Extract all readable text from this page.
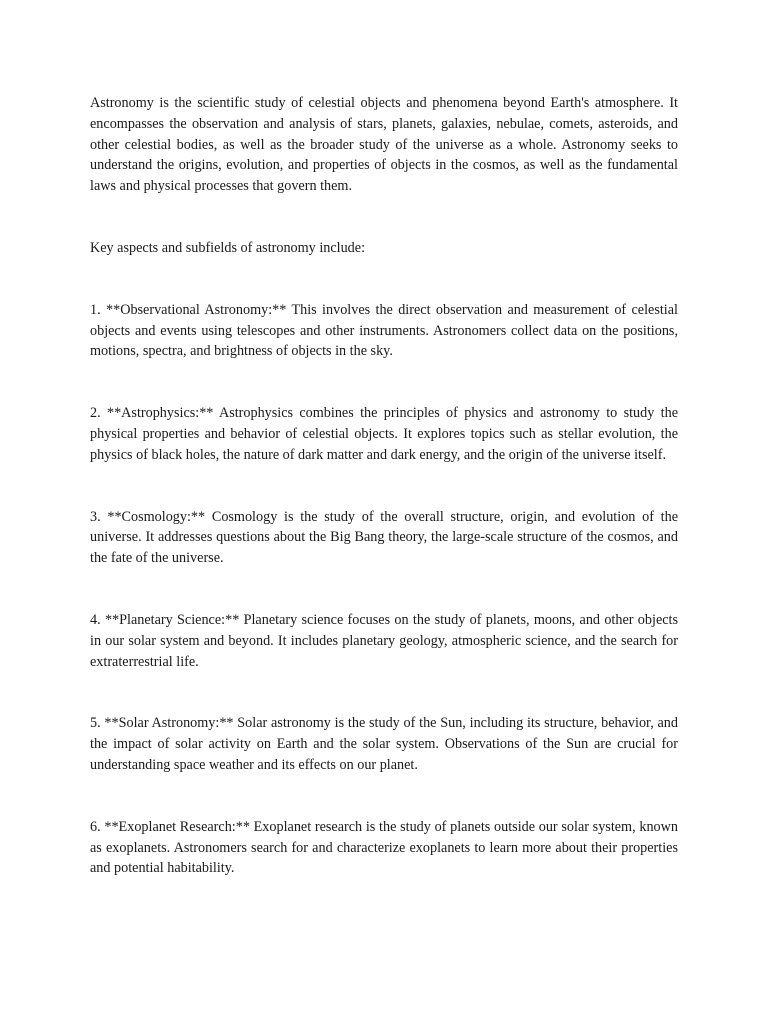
Astronomy is the scientific study of celestial objects and phenomena beyond Earth's atmosphere. It encompasses the observation and analysis of stars, planets, galaxies, nebulae, comets, asteroids, and other celestial bodies, as well as the broader study of the universe as a whole. Astronomy seeks to understand the origins, evolution, and properties of objects in the cosmos, as well as the fundamental laws and physical processes that govern them.

Key aspects and subfields of astronomy include:

1. **Observational Astronomy:** This involves the direct observation and measurement of celestial objects and events using telescopes and other instruments. Astronomers collect data on the positions, motions, spectra, and brightness of objects in the sky.

2. **Astrophysics:** Astrophysics combines the principles of physics and astronomy to study the physical properties and behavior of celestial objects. It explores topics such as stellar evolution, the physics of black holes, the nature of dark matter and dark energy, and the origin of the universe itself.

3. **Cosmology:** Cosmology is the study of the overall structure, origin, and evolution of the universe. It addresses questions about the Big Bang theory, the large-scale structure of the cosmos, and the fate of the universe.

4. **Planetary Science:** Planetary science focuses on the study of planets, moons, and other objects in our solar system and beyond. It includes planetary geology, atmospheric science, and the search for extraterrestrial life.

5. **Solar Astronomy:** Solar astronomy is the study of the Sun, including its structure, behavior, and the impact of solar activity on Earth and the solar system. Observations of the Sun are crucial for understanding space weather and its effects on our planet.

6. **Exoplanet Research:** Exoplanet research is the study of planets outside our solar system, known as exoplanets. Astronomers search for and characterize exoplanets to learn more about their properties and potential habitability.
